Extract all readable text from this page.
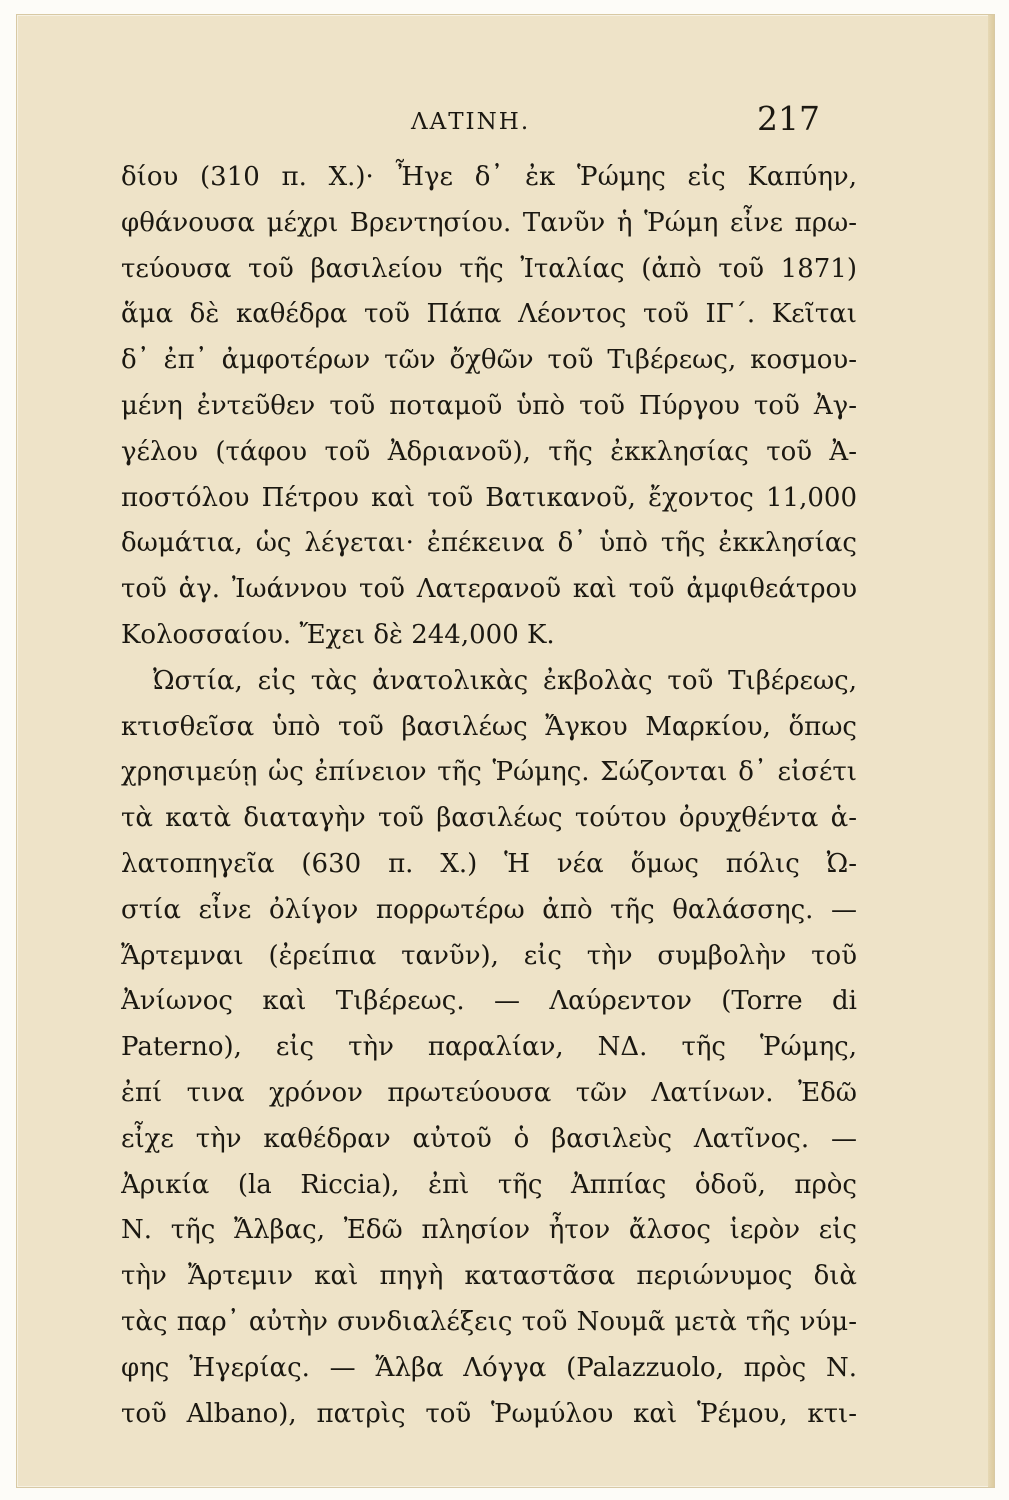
ΛΑΤΙΝΗ.	217
δίου (310 π. Χ.)· Ἦγε δ᾽ ἐκ Ῥώμης εἰς Καπύην,
φθάνουσα μέχρι Βρεντησίου. Τανῦν ἡ Ῥώμη εἶνε πρω-
τεύουσα τοῦ βασιλείου τῆς Ἰταλίας (ἀπὸ τοῦ 1871)
ἅμα δὲ καθέδρα τοῦ Πάπα Λέοντος τοῦ ΙΓ΄. Κεῖται
δ᾽ ἐπ᾽ ἀμφοτέρων τῶν ὄχθῶν τοῦ Τιβέρεως, κοσμου-
μένη ἐντεῦθεν τοῦ ποταμοῦ ὑπὸ τοῦ Πύργου τοῦ Ἀγ-
γέλου (τάφου τοῦ Ἀδριανοῦ), τῆς ἐκκλησίας τοῦ Ἀ-
ποστόλου Πέτρου καὶ τοῦ Βατικανοῦ, ἔχοντος 11,000
δωμάτια, ὡς λέγεται· ἐπέκεινα δ᾽ ὑπὸ τῆς ἐκκλησίας
τοῦ ἁγ. Ἰωάννου τοῦ Λατερανοῦ καὶ τοῦ ἀμφιθεάτρου
Κολοσσαίου. Ἔχει δὲ 244,000 Κ.
Ὠστία, εἰς τὰς ἀνατολικὰς ἐκβολὰς τοῦ Τιβέρεως,
κτισθεῖσα ὑπὸ τοῦ βασιλέως Ἄγκου Μαρκίου, ὅπως
χρησιμεύῃ ὡς ἐπίνειον τῆς Ῥώμης. Σώζονται δ᾽ εἰσέτι
τὰ κατὰ διαταγὴν τοῦ βασιλέως τούτου ὀρυχθέντα ἁ-
λατοπηγεῖα (630 π. Χ.) Ἡ νέα ὅμως πόλις Ὠ-
στία εἶνε ὀλίγον πορρωτέρω ἀπὸ τῆς θαλάσσης. —
Ἄρτεμναι (ἐρείπια τανῦν), εἰς τὴν συμβολὴν τοῦ
Ἀνίωνος καὶ Τιβέρεως. — Λαύρεντον (Torre di
Paterno), εἰς τὴν παραλίαν, ΝΔ. τῆς Ῥώμης,
ἐπί τινα χρόνον πρωτεύουσα τῶν Λατίνων. Ἐδῶ
εἶχε τὴν καθέδραν αὐτοῦ ὁ βασιλεὺς Λατῖνος. —
Ἀρικία (la Riccia), ἐπὶ τῆς Ἀππίας ὁδοῦ, πρὸς
Ν. τῆς Ἄλβας, Ἐδῶ πλησίον ἦτον ἄλσος ἱερὸν εἰς
τὴν Ἄρτεμιν καὶ πηγὴ καταστᾶσα περιώνυμος διὰ
τὰς παρ᾽ αὐτὴν συνδιαλέξεις τοῦ Νουμᾶ μετὰ τῆς νύμ-
φης Ἠγερίας. — Ἄλβα Λόγγα (Palazzuolo, πρὸς Ν.
τοῦ Albano), πατρὶς τοῦ Ῥωμύλου καὶ Ῥέμου, κτι-
